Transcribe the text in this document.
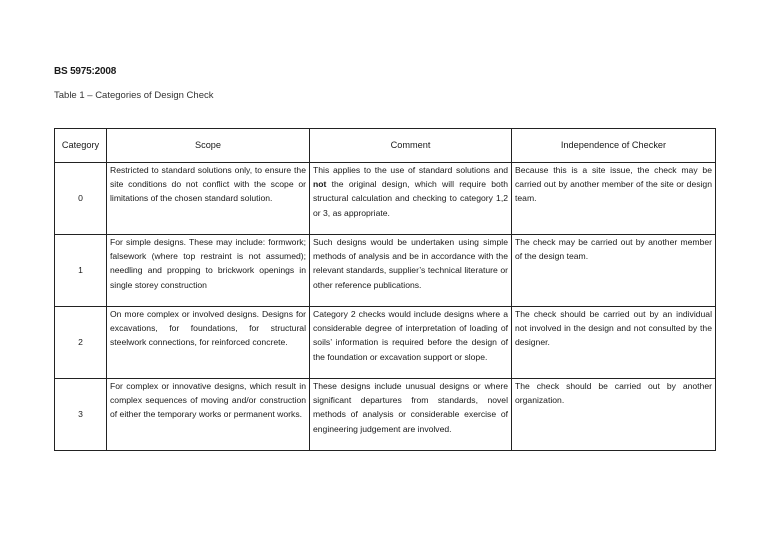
BS 5975:2008
Table 1 – Categories of Design Check
Category	Scope	Comment	Independence of Checker
0	Restricted to standard solutions only, to ensure the site conditions do not conflict with the scope or limitations of the chosen standard solution.	This applies to the use of standard solutions and not the original design, which will require both structural calculation and checking to category 1,2 or 3, as appropriate.	Because this is a site issue, the check may be carried out by another member of the site or design team.
1	For simple designs. These may include: formwork; falsework (where top restraint is not assumed); needling and propping to brickwork openings in single storey construction	Such designs would be undertaken using simple methods of analysis and be in accordance with the relevant standards, supplier’s technical literature or other reference publications.	The check may be carried out by another member of the design team.
2	On more complex or involved designs. Designs for excavations, for foundations, for structural steelwork connections, for reinforced concrete.	Category 2 checks would include designs where a considerable degree of interpretation of loading of soils’ information is required before the design of the foundation or excavation support or slope.	The check should be carried out by an individual not involved in the design and not consulted by the designer.
3	For complex or innovative designs, which result in complex sequences of moving and/or construction of either the temporary works or permanent works.	These designs include unusual designs or where significant departures from standards, novel methods of analysis or considerable exercise of engineering judgement are involved.	The check should be carried out by another organization.
